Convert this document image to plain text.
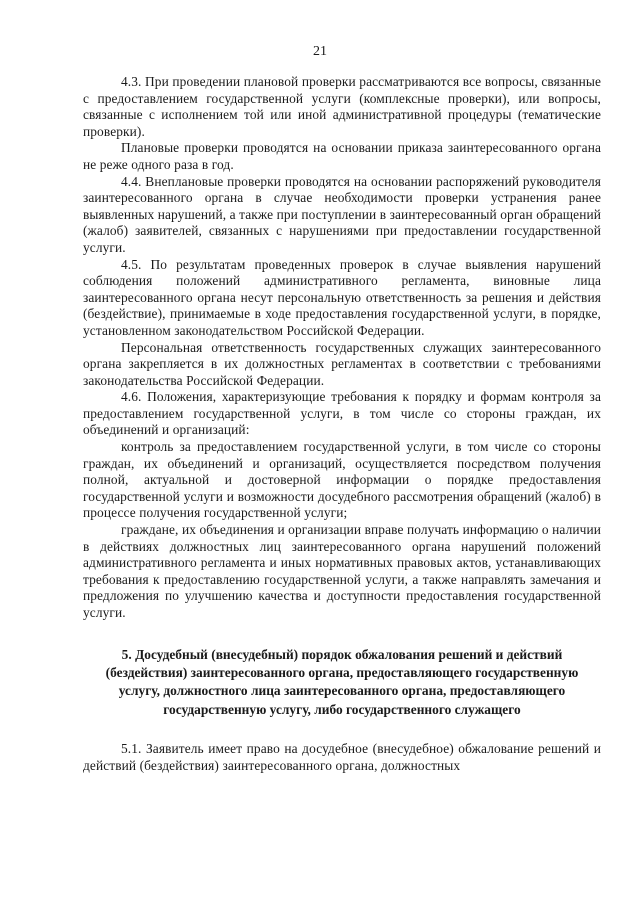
21

4.3. При проведении плановой проверки рассматриваются все вопросы, связанные с предоставлением государственной услуги (комплексные проверки), или вопросы, связанные с исполнением той или иной административной процедуры (тематические проверки).

Плановые проверки проводятся на основании приказа заинтересованного органа не реже одного раза в год.

4.4. Внеплановые проверки проводятся на основании распоряжений руководителя заинтересованного органа в случае необходимости проверки устранения ранее выявленных нарушений, а также при поступлении в заинтересованный орган обращений (жалоб) заявителей, связанных с нарушениями при предоставлении государственной услуги.

4.5. По результатам проведенных проверок в случае выявления нарушений соблюдения положений административного регламента, виновные лица заинтересованного органа несут персональную ответственность за решения и действия (бездействие), принимаемые в ходе предоставления государственной услуги, в порядке, установленном законодательством Российской Федерации.

Персональная ответственность государственных служащих заинтересованного органа закрепляется в их должностных регламентах в соответствии с требованиями законодательства Российской Федерации.

4.6. Положения, характеризующие требования к порядку и формам контроля за предоставлением государственной услуги, в том числе со стороны граждан, их объединений и организаций:

контроль за предоставлением государственной услуги, в том числе со стороны граждан, их объединений и организаций, осуществляется посредством получения полной, актуальной и достоверной информации о порядке предоставления государственной услуги и возможности досудебного рассмотрения обращений (жалоб) в процессе получения государственной услуги;

граждане, их объединения и организации вправе получать информацию о наличии в действиях должностных лиц заинтересованного органа нарушений положений административного регламента и иных нормативных правовых актов, устанавливающих требования к предоставлению государственной услуги, а также направлять замечания и предложения по улучшению качества и доступности предоставления государственной услуги.

5. Досудебный (внесудебный) порядок обжалования решений и действий (бездействия) заинтересованного органа, предоставляющего государственную услугу, должностного лица заинтересованного органа, предоставляющего государственную услугу, либо государственного служащего

5.1. Заявитель имеет право на досудебное (внесудебное) обжалование решений и действий (бездействия) заинтересованного органа, должностных
